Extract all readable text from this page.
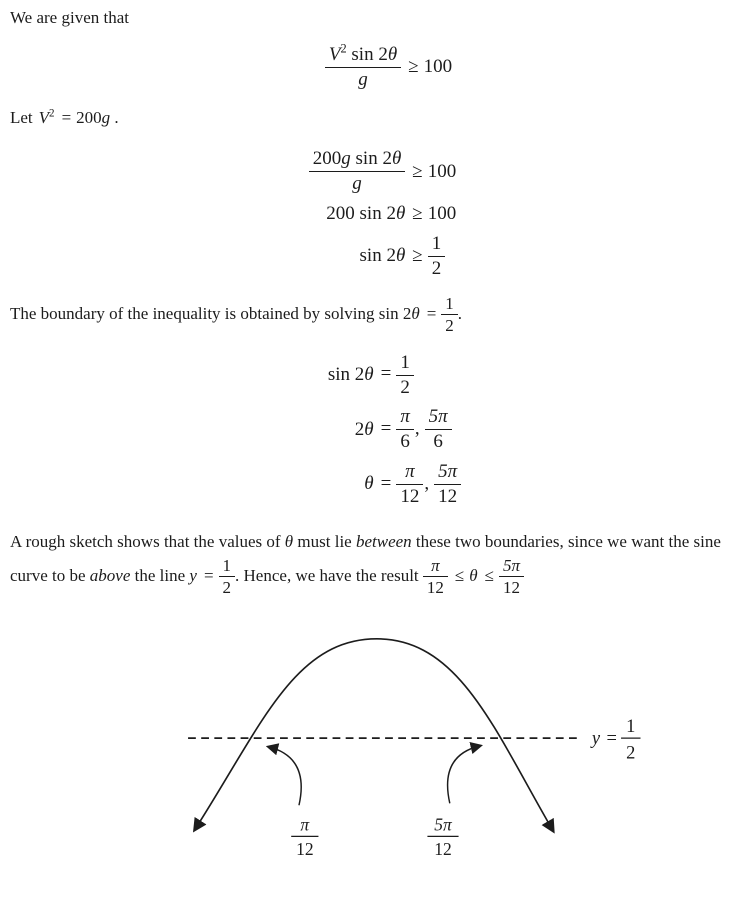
We are given that

$\frac{V^2 \sin 2\theta}{g} \ge 100$

Let $V^2 = 200g$ .

$\frac{\text{200g sin 2θ}}{g}$	≥ 100
200 sin 2θ	≥ 100
sin 2θ	≥ $\frac{1}{2}$

The boundary of the inequality is obtained by solving $\sin 2\theta = \frac{1}{2}$ .

sin 2θ	= $\frac{1}{2}$

2θ	= $\frac{\pi}{6}$ , $\frac{5\pi}{6}$

θ	= $\frac{\pi}{12}$ , $\frac{5\pi}{12}$

A rough sketch shows that the values of θ must lie between these two boundaries, since we want the sine curve to be above the line $y = \frac{1}{2}$ . Hence, we have the result $\frac{\pi}{12} \le \theta \le \frac{5\pi}{12}$

y =
1
2
π
12
5π
12
